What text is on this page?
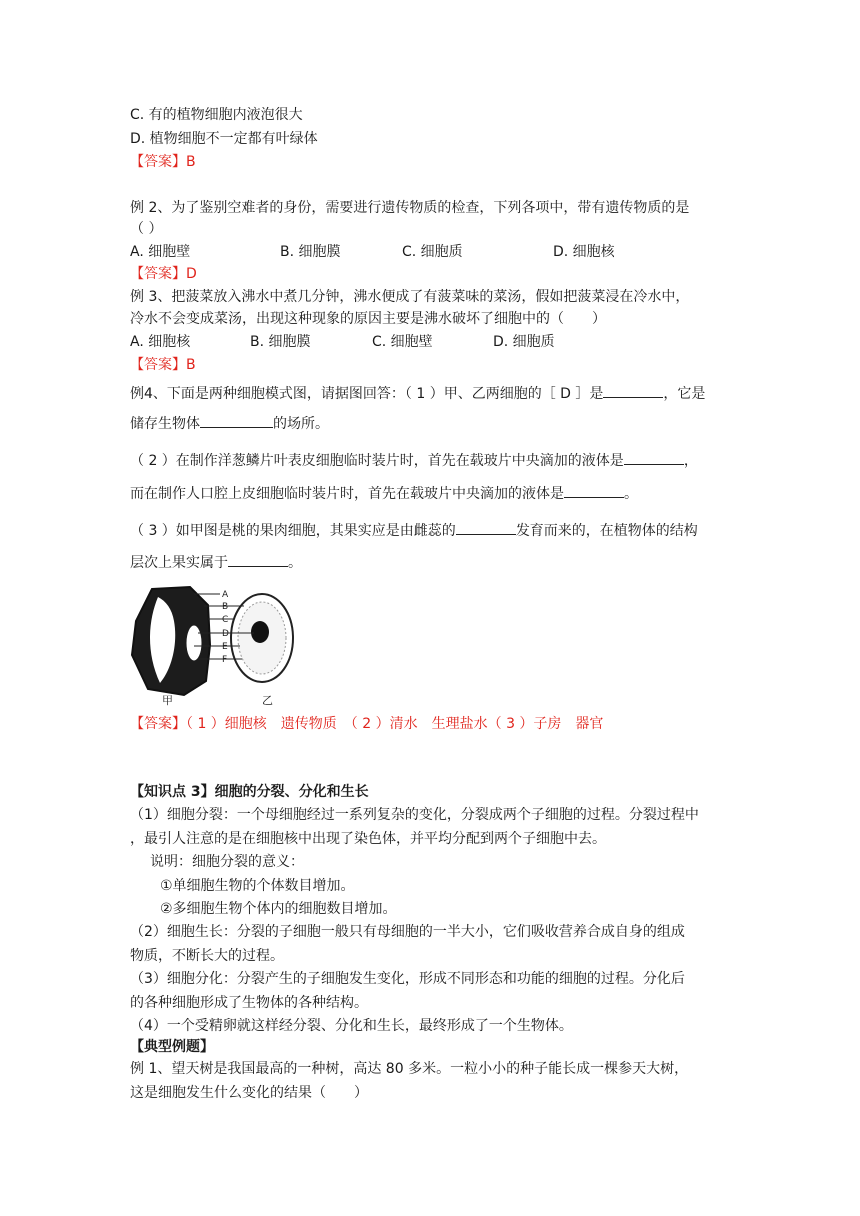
C. 有的植物细胞内液泡很大
D. 植物细胞不一定都有叶绿体
【答案】B
例 2、为了鉴别空难者的身份，需要进行遗传物质的检查，下列各项中，带有遗传物质的是
（ ）
A. 细胞壁	B. 细胞膜	C. 细胞质	D. 细胞核
【答案】D
例 3、把菠菜放入沸水中煮几分钟，沸水便成了有菠菜味的菜汤，假如把菠菜浸在冷水中，
冷水不会变成菜汤，出现这种现象的原因主要是沸水破坏了细胞中的（　　）
A. 细胞核	B. 细胞膜	C. 细胞壁	D. 细胞质
【答案】B
例4、下面是两种细胞模式图，请据图回答：（ 1 ）甲、乙两细胞的［ D ］是	，它是
储存生物体	的场所。
（ 2 ）在制作洋葱鳞片叶表皮细胞临时装片时，首先在载玻片中央滴加的液体是	，
而在制作人口腔上皮细胞临时装片时，首先在载玻片中央滴加的液体是	。
（ 3 ）如甲图是桃的果肉细胞，其果实应是由雌蕊的	发育而来的，在植物体的结构
层次上果实属于	。
A
B
C
D
E
F
甲	乙
【答案】（ 1 ）细胞核　遗传物质　（ 2 ）清水　生理盐水（ 3 ）子房　器官
【知识点 3】细胞的分裂、分化和生长
（1）细胞分裂：一个母细胞经过一系列复杂的变化，分裂成两个子细胞的过程。分裂过程中
，最引人注意的是在细胞核中出现了染色体，并平均分配到两个子细胞中去。
说明：细胞分裂的意义：
①单细胞生物的个体数目增加。
②多细胞生物个体内的细胞数目增加。
（2）细胞生长：分裂的子细胞一般只有母细胞的一半大小，它们吸收营养合成自身的组成
物质，不断长大的过程。
（3）细胞分化：分裂产生的子细胞发生变化，形成不同形态和功能的细胞的过程。分化后
的各种细胞形成了生物体的各种结构。
（4）一个受精卵就这样经分裂、分化和生长，最终形成了一个生物体。
【典型例题】
例 1、望天树是我国最高的一种树，高达 80 多米。一粒小小的种子能长成一棵参天大树，
这是细胞发生什么变化的结果（　　）
